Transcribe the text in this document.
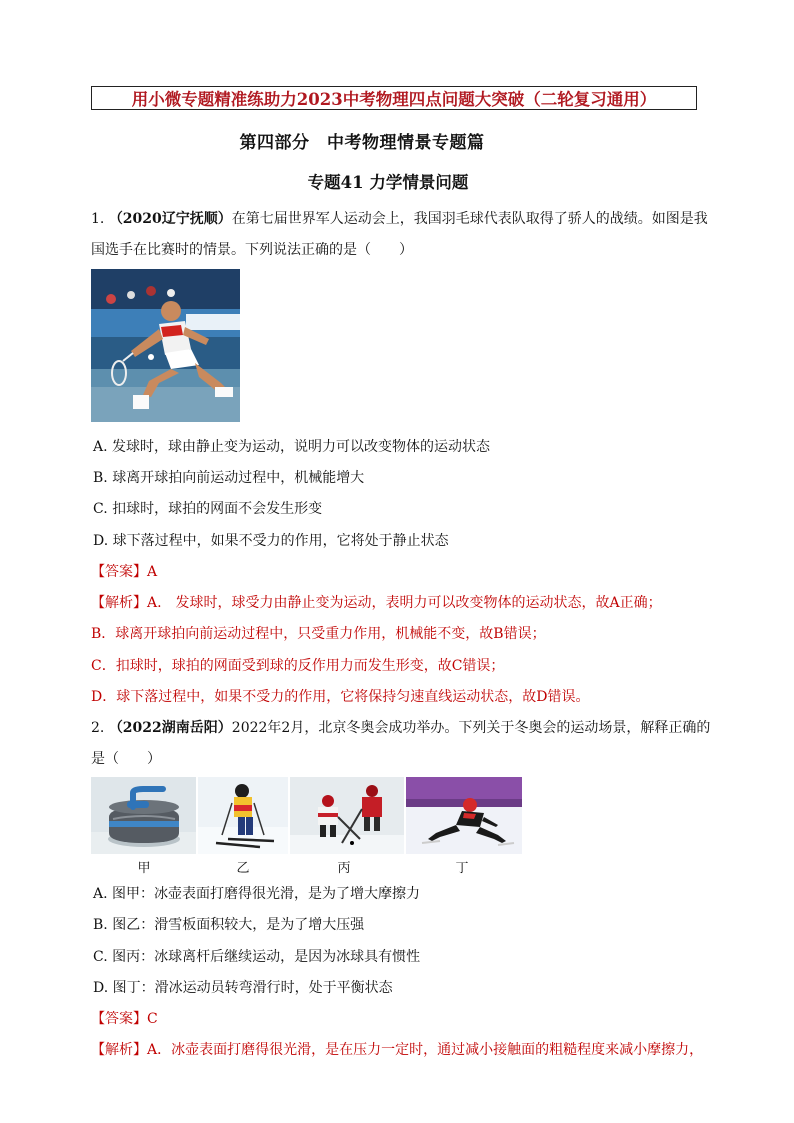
用小微专题精准练助力2023中考物理四点问题大突破（二轮复习通用）
第四部分　中考物理情景专题篇
专题41 力学情景问题
1. （2020辽宁抚顺）在第七届世界军人运动会上，我国羽毛球代表队取得了骄人的战绩。如图是我
国选手在比赛时的情景。下列说法正确的是（　　）
A. 发球时，球由静止变为运动，说明力可以改变物体的运动状态
B. 球离开球拍向前运动过程中，机械能增大
C. 扣球时，球拍的网面不会发生形变
D. 球下落过程中，如果不受力的作用，它将处于静止状态
【答案】A
【解析】A.　发球时，球受力由静止变为运动，表明力可以改变物体的运动状态，故A正确；
B．球离开球拍向前运动过程中，只受重力作用，机械能不变，故B错误；
C．扣球时，球拍的网面受到球的反作用力而发生形变，故C错误；
D．球下落过程中，如果不受力的作用，它将保持匀速直线运动状态，故D错误。
2. （2022湖南岳阳）2022年2月，北京冬奥会成功举办。下列关于冬奥会的运动场景，解释正确的
是（　　）
甲	乙	丙	丁
A. 图甲：冰壶表面打磨得很光滑，是为了增大摩擦力
B. 图乙：滑雪板面积较大，是为了增大压强
C. 图丙：冰球离杆后继续运动，是因为冰球具有惯性
D. 图丁：滑冰运动员转弯滑行时，处于平衡状态
【答案】C
【解析】A．冰壶表面打磨得很光滑，是在压力一定时，通过减小接触面的粗糙程度来减小摩擦力，
